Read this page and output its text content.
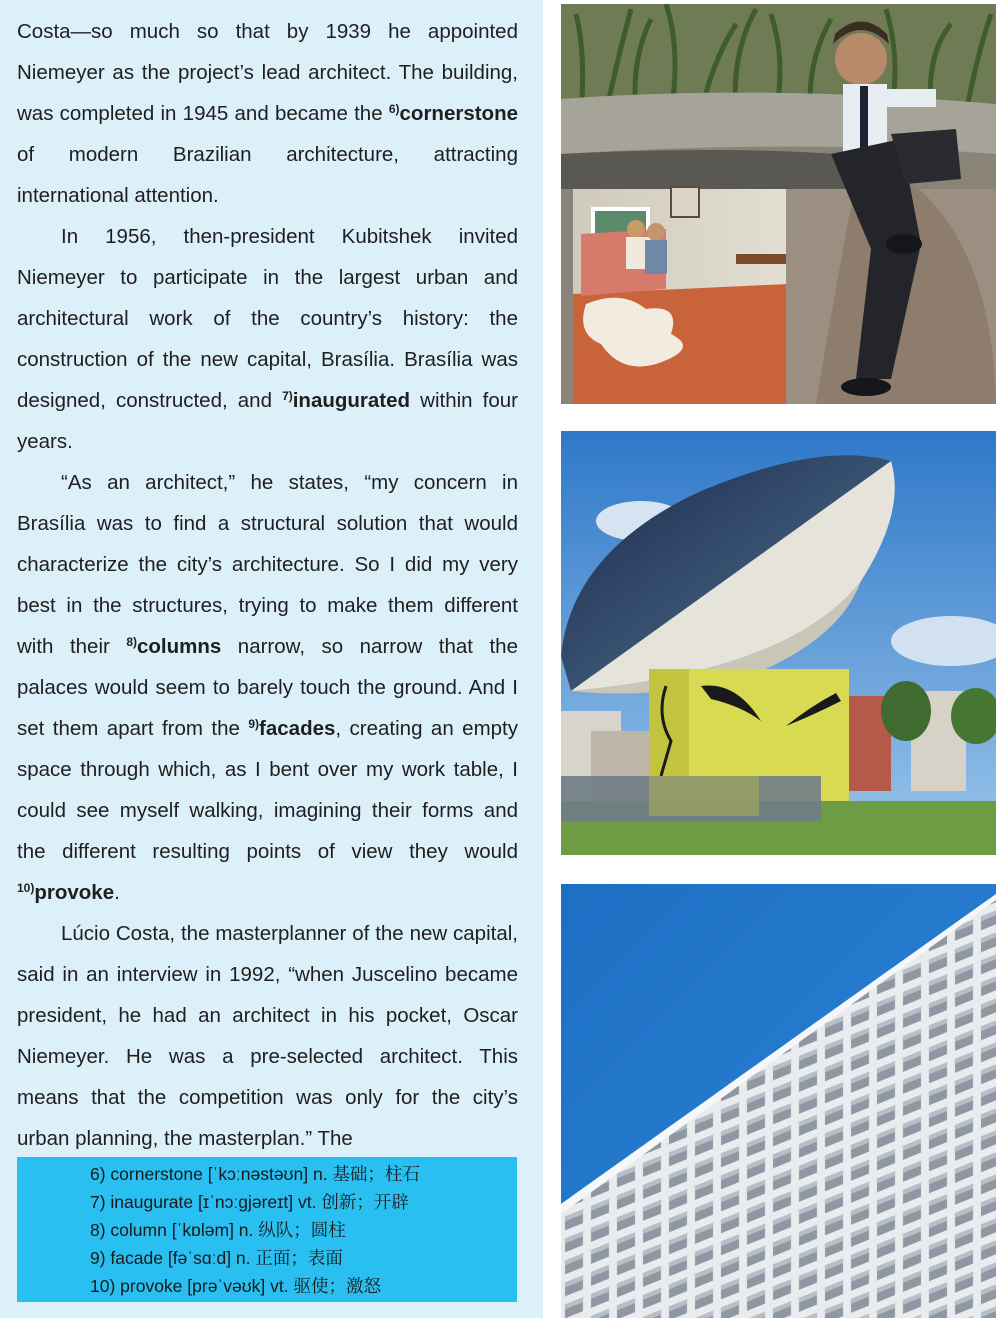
Costa—so much so that by 1939 he appointed Niemeyer as the project’s lead architect. The building, was completed in 1945 and became the $^{6)}$cornerstone of modern Brazilian architecture, attracting international attention.

In 1956, then-president Kubitshek invited Niemeyer to participate in the largest urban and architectural work of the country’s history: the construction of the new capital, Brasília. Brasília was designed, constructed, and $^{7)}$inaugurated within four years.

“As an architect,” he states, “my concern in Brasília was to find a structural solution that would characterize the city’s architecture. So I did my very best in the structures, trying to make them different with their $^{8)}$columns narrow, so narrow that the palaces would seem to barely touch the ground. And I set them apart from the $^{9)}$facades, creating an empty space through which, as I bent over my work table, I could see myself walking, imagining their forms and the different resulting points of view they would $^{10)}$provoke.

Lúcio Costa, the masterplanner of the new capital, said in an interview in 1992, “when Juscelino became president, he had an architect in his pocket, Oscar Niemeyer. He was a pre-selected architect. This means that the competition was only for the city’s urban planning, the masterplan.” The

6) cornerstone [ˈkɔːnəstəʊn] n. 基础；柱石
7) inaugurate [ɪˈnɔːgjəreɪt] vt. 创新；开辟
8) column [ˈkɒləm] n. 纵队；圆柱
9) facade [fəˈsɑːd] n. 正面；表面
10) provoke [prəˈvəʊk] vt. 驱使；激怒
